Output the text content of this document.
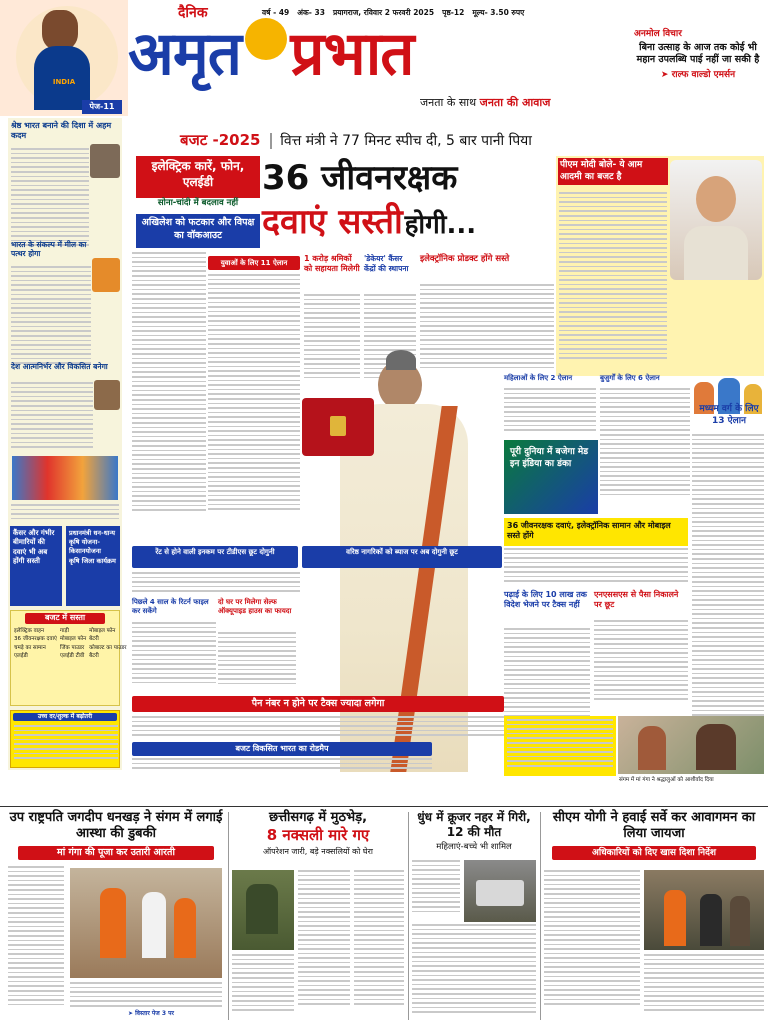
INDIA
पेज-11
दैनिक	वर्ष - 49 अंक- 33 प्रयागराज, रविवार 2 फरवरी 2025 पृष्ठ-12 मूल्य- 3.50 रुपए
अमृत प्रभात
जनता के साथ जनता की आवाज
अनमोल विचार
बिना उत्साह के आज तक कोई भी महान उपलब्धि पाई नहीं जा सकी है
➤ राल्फ वाल्डो एमर्सन
श्रेष्ठ भारत बनाने की दिशा में अहम कदम
भारत के संकल्प में मील का पत्थर होगा
देश आत्मनिर्भर और विकसित बनेगा
कैंसर और गंभीर बीमारियों की दवाएं भी अब होंगी सस्ती
प्रधानमंत्री धन-धान्य कृषि योजना- किसानयोजना
कृषि जिला कार्यक्रम
बजट में सस्ता
इलेक्ट्रिक वाहन	गाड़ी	मोबाइल फोन
36 जीवनरक्षक दवाएं मोबाइल फोन बेटरी
चमड़े का सामान	जिंक पाउडर कोबाल्ट का पाउडर
एलईडी	एलईडी टीवी बैटरी
उच्च दर/शुल्क में बढ़ोतरी
बजट -2025 वित्त मंत्री ने 77 मिनट स्पीच दी, 5 बार पानी पिया
इलेक्ट्रिक कारें, फोन, एलईडी
सोना-चांदी में बदलाव नहीं
अखिलेश को फटकार और विपक्ष का वॉकआउट
36 जीवनरक्षक
दवाएं सस्ती होगी...
पीएम मोदी बोले- ये आम आदमी का बजट है
युवाओं के लिए 11 ऐलान	1 करोड़ श्रमिकों को सहायता मिलेगी
'डेकेयर' कैंसर केंद्रों की स्थापना
इलेक्ट्रॉनिक प्रोडक्ट होंगे सस्ते
महिलाओं के लिए 2 ऐलान	बुजुर्गों के लिए 6 ऐलान
पूरी दुनिया में बजेगा मेड इन इंडिया का डंका
मध्यम वर्ग के लिए 13 ऐलान
36 जीवनरक्षक दवाएं, इलेक्ट्रॉनिक सामान और मोबाइल सस्ते होंगे
रेंट से होने वाली इनकम पर टीडीएस छूट दोगुनी	वरिष्ठ नागरिकों को ब्याज पर अब दोगुनी छूट
पिछले 4 साल के रिटर्न फाइल कर सकेंगे
दो घर पर मिलेगा सेल्फ ऑक्यूपाइड हाउस का फायदा
पढ़ाई के लिए 10 लाख तक विदेश भेजने पर टैक्स नहीं
एनएससएस से पैसा निकालने पर छूट
पैन नंबर न होने पर टैक्स ज्यादा लगेगा
बजट विकसित भारत का रोडमैप
संगम में मां गंगा ने श्रद्धालुओं को आशीर्वाद दिया
उप राष्ट्रपति जगदीप धनखड़ ने संगम में लगाई आस्था की डुबकी
मां गंगा की पूजा कर उतारी आरती
➤ विस्तार पेज 3 पर
छत्तीसगढ़ में मुठभेड़,
8 नक्सली मारे गए
ऑपरेशन जारी, बड़े नक्सलियों को घेरा
धुंध में क्रूजर नहर में गिरी, 12 की मौत
महिलाएं-बच्चे भी शामिल
सीएम योगी ने हवाई सर्वे कर आवागमन का लिया जायजा
अधिकारियों को दिए खास दिशा निर्देश
